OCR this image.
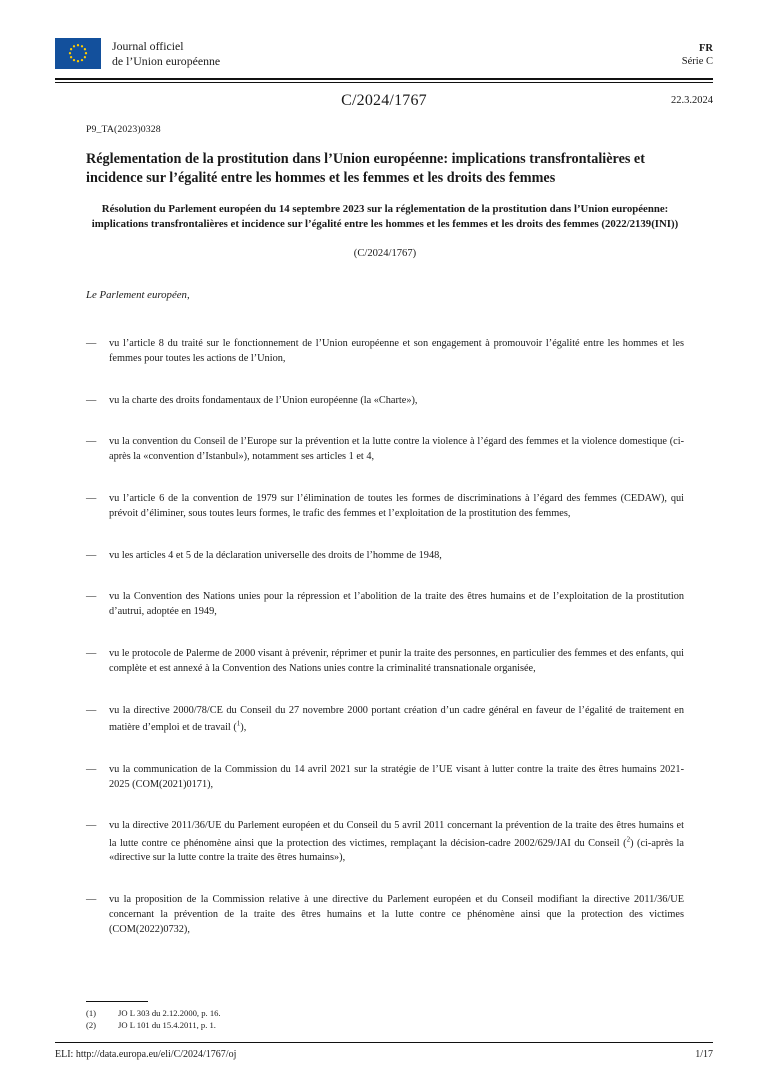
Journal officiel
de l’Union européenne
FR
Série C
C/2024/1767	22.3.2024
P9_TA(2023)0328
Réglementation de la prostitution dans l’Union européenne: implications transfrontalières et incidence sur l’égalité entre les hommes et les femmes et les droits des femmes
Résolution du Parlement européen du 14 septembre 2023 sur la réglementation de la prostitution dans l’Union européenne: implications transfrontalières et incidence sur l’égalité entre les hommes et les femmes et les droits des femmes (2022/2139(INI))
(C/2024/1767)
Le Parlement européen,
— vu l’article 8 du traité sur le fonctionnement de l’Union européenne et son engagement à promouvoir l’égalité entre les hommes et les femmes pour toutes les actions de l’Union,
— vu la charte des droits fondamentaux de l’Union européenne (la «Charte»),
— vu la convention du Conseil de l’Europe sur la prévention et la lutte contre la violence à l’égard des femmes et la violence domestique (ci-après la «convention d’Istanbul»), notamment ses articles 1 et 4,
— vu l’article 6 de la convention de 1979 sur l’élimination de toutes les formes de discriminations à l’égard des femmes (CEDAW), qui prévoit d’éliminer, sous toutes leurs formes, le trafic des femmes et l’exploitation de la prostitution des femmes,
— vu les articles 4 et 5 de la déclaration universelle des droits de l’homme de 1948,
— vu la Convention des Nations unies pour la répression et l’abolition de la traite des êtres humains et de l’exploitation de la prostitution d’autrui, adoptée en 1949,
— vu le protocole de Palerme de 2000 visant à prévenir, réprimer et punir la traite des personnes, en particulier des femmes et des enfants, qui complète et est annexé à la Convention des Nations unies contre la criminalité transnationale organisée,
— vu la directive 2000/78/CE du Conseil du 27 novembre 2000 portant création d’un cadre général en faveur de l’égalité de traitement en matière d’emploi et de travail ($^1$),
— vu la communication de la Commission du 14 avril 2021 sur la stratégie de l’UE visant à lutter contre la traite des êtres humains 2021-2025 (COM(2021)0171),
— vu la directive 2011/36/UE du Parlement européen et du Conseil du 5 avril 2011 concernant la prévention de la traite des êtres humains et la lutte contre ce phénomène ainsi que la protection des victimes, remplaçant la décision-cadre 2002/629/JAI du Conseil ($^2$) (ci-après la «directive sur la lutte contre la traite des êtres humains»),
— vu la proposition de la Commission relative à une directive du Parlement européen et du Conseil modifiant la directive 2011/36/UE concernant la prévention de la traite des êtres humains et la lutte contre ce phénomène ainsi que la protection des victimes (COM(2022)0732),
(1)	JO L 303 du 2.12.2000, p. 16.
(2)	JO L 101 du 15.4.2011, p. 1.
ELI: http://data.europa.eu/eli/C/2024/1767/oj	1/17
